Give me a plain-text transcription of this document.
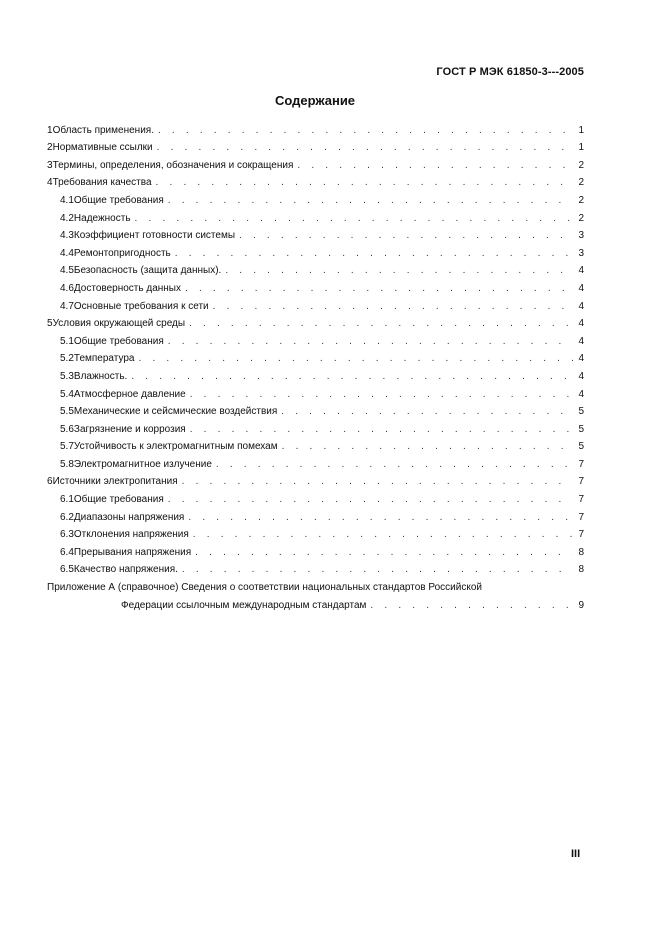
ГОСТ Р МЭК 61850-3---2005
Содержание
1 Область применения. . . .	1
2 Нормативные ссылки . . .	1
3 Термины, определения, обозначения и сокращения . . .	2
4 Требования качества . . .	2
4.1 Общие требования . . .	2
4.2 Надежность . . .	2
4.3 Коэффициент готовности системы . . .	3
4.4 Ремонтопригодность . . .	3
4.5 Безопасность (защита данных). . . .	4
4.6 Достоверность данных . . .	4
4.7 Основные требования к сети . . .	4
5 Условия окружающей среды . . .	4
5.1 Общие требования . . .	4
5.2 Температура . . .	4
5.3 Влажность. . . .	4
5.4 Атмосферное давление . . .	4
5.5 Механические и сейсмические воздействия . . .	5
5.6 Загрязнение и коррозия . . .	5
5.7 Устойчивость к электромагнитным помехам . . .	5
5.8 Электромагнитное излучение . . .	7
6 Источники электропитания . . .	7
6.1 Общие требования . . .	7
6.2 Диапазоны напряжения . . .	7
6.3 Отклонения напряжения . . .	7
6.4 Прерывания напряжения . . .	8
6.5 Качество напряжения. . . .	8
Приложение А (справочное) Сведения о соответствии национальных стандартов Российской
Федерации ссылочным международным стандартам . . .	9
III
